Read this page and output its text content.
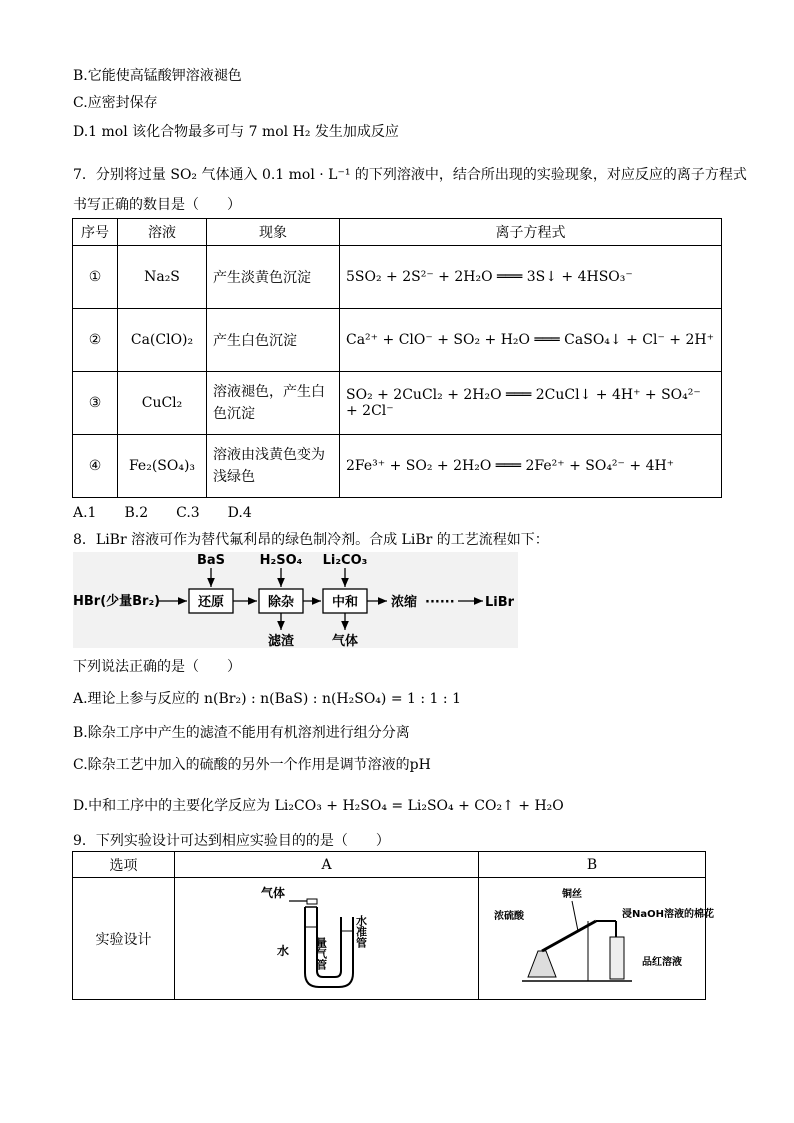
B.它能使高锰酸钾溶液褪色
C.应密封保存
D.1 mol 该化合物最多可与 7 mol H₂ 发生加成反应
7．分别将过量 SO₂ 气体通入 0.1 mol · L⁻¹ 的下列溶液中，结合所出现的实验现象，对应反应的离子方程式
书写正确的数目是（　　）
序号	溶液	现象	离子方程式
①	Na₂S	产生淡黄色沉淀	5SO₂ + 2S²⁻ + 2H₂O ═══ 3S↓ + 4HSO₃⁻
②	Ca(ClO)₂	产生白色沉淀	Ca²⁺ + ClO⁻ + SO₂ + H₂O ═══ CaSO₄↓ + Cl⁻ + 2H⁺
③	CuCl₂	溶液褪色，产生白色沉淀	SO₂ + 2CuCl₂ + 2H₂O ═══ 2CuCl↓ + 4H⁺ + SO₄²⁻ + 2Cl⁻
④	Fe₂(SO₄)₃	溶液由浅黄色变为浅绿色	2Fe³⁺ + SO₂ + 2H₂O ═══ 2Fe²⁺ + SO₄²⁻ + 4H⁺
A.1　　B.2　　C.3　　D.4
8．LiBr 溶液可作为替代氟利昂的绿色制冷剂。合成 LiBr 的工艺流程如下：
HBr(少量Br₂)	还原	除杂	中和	浓缩 ······ LiBr
BaS	H₂SO₄ Li₂CO₃
滤渣	气体
下列说法正确的是（　　）
A.理论上参与反应的 n(Br₂) : n(BaS) : n(H₂SO₄) = 1 : 1 : 1
B.除杂工序中产生的滤渣不能用有机溶剂进行组分分离
C.除杂工艺中加入的硫酸的另外一个作用是调节溶液的pH
D.中和工序中的主要化学反应为 Li₂CO₃ + H₂SO₄ = Li₂SO₄ + CO₂↑ + H₂O
9．下列实验设计可达到相应实验目的的是（　　）
选项	A	B
实验设计	气体
水 量气管
水准管	浓硫酸
铜丝
浸NaOH溶液的棉花
品红溶液
